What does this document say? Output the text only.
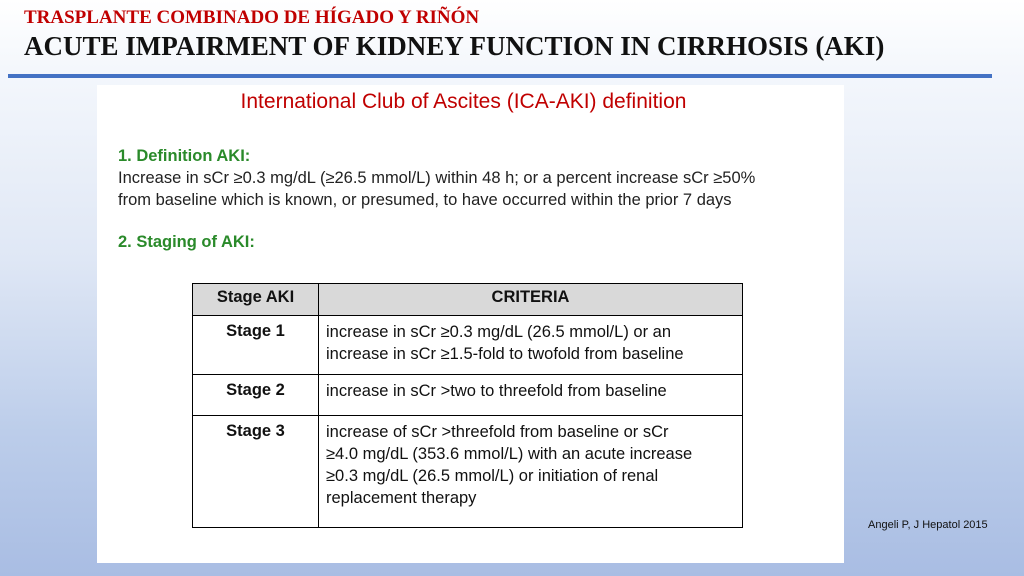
TRASPLANTE COMBINADO DE HÍGADO Y RIÑÓN

ACUTE IMPAIRMENT OF KIDNEY FUNCTION IN CIRRHOSIS (AKI)

International Club of Ascites (ICA-AKI) definition
1. Definition AKI:
Increase in sCr ≥0.3 mg/dL (≥26.5 mmol/L) within 48 h; or a percent increase sCr ≥50%
from baseline which is known, or presumed, to have occurred within the prior 7 days
2. Staging of AKI:
Stage AKI	CRITERIA
Stage 1	increase in sCr ≥0.3 mg/dL (26.5 mmol/L) or an
increase in sCr ≥1.5-fold to twofold from baseline

Stage 2	increase in sCr >two to threefold from baseline

Stage 3	increase of sCr >threefold from baseline or sCr
≥4.0 mg/dL (353.6 mmol/L) with an acute increase
≥0.3 mg/dL (26.5 mmol/L) or initiation of renal
replacement therapy
Angeli P, J Hepatol 2015
